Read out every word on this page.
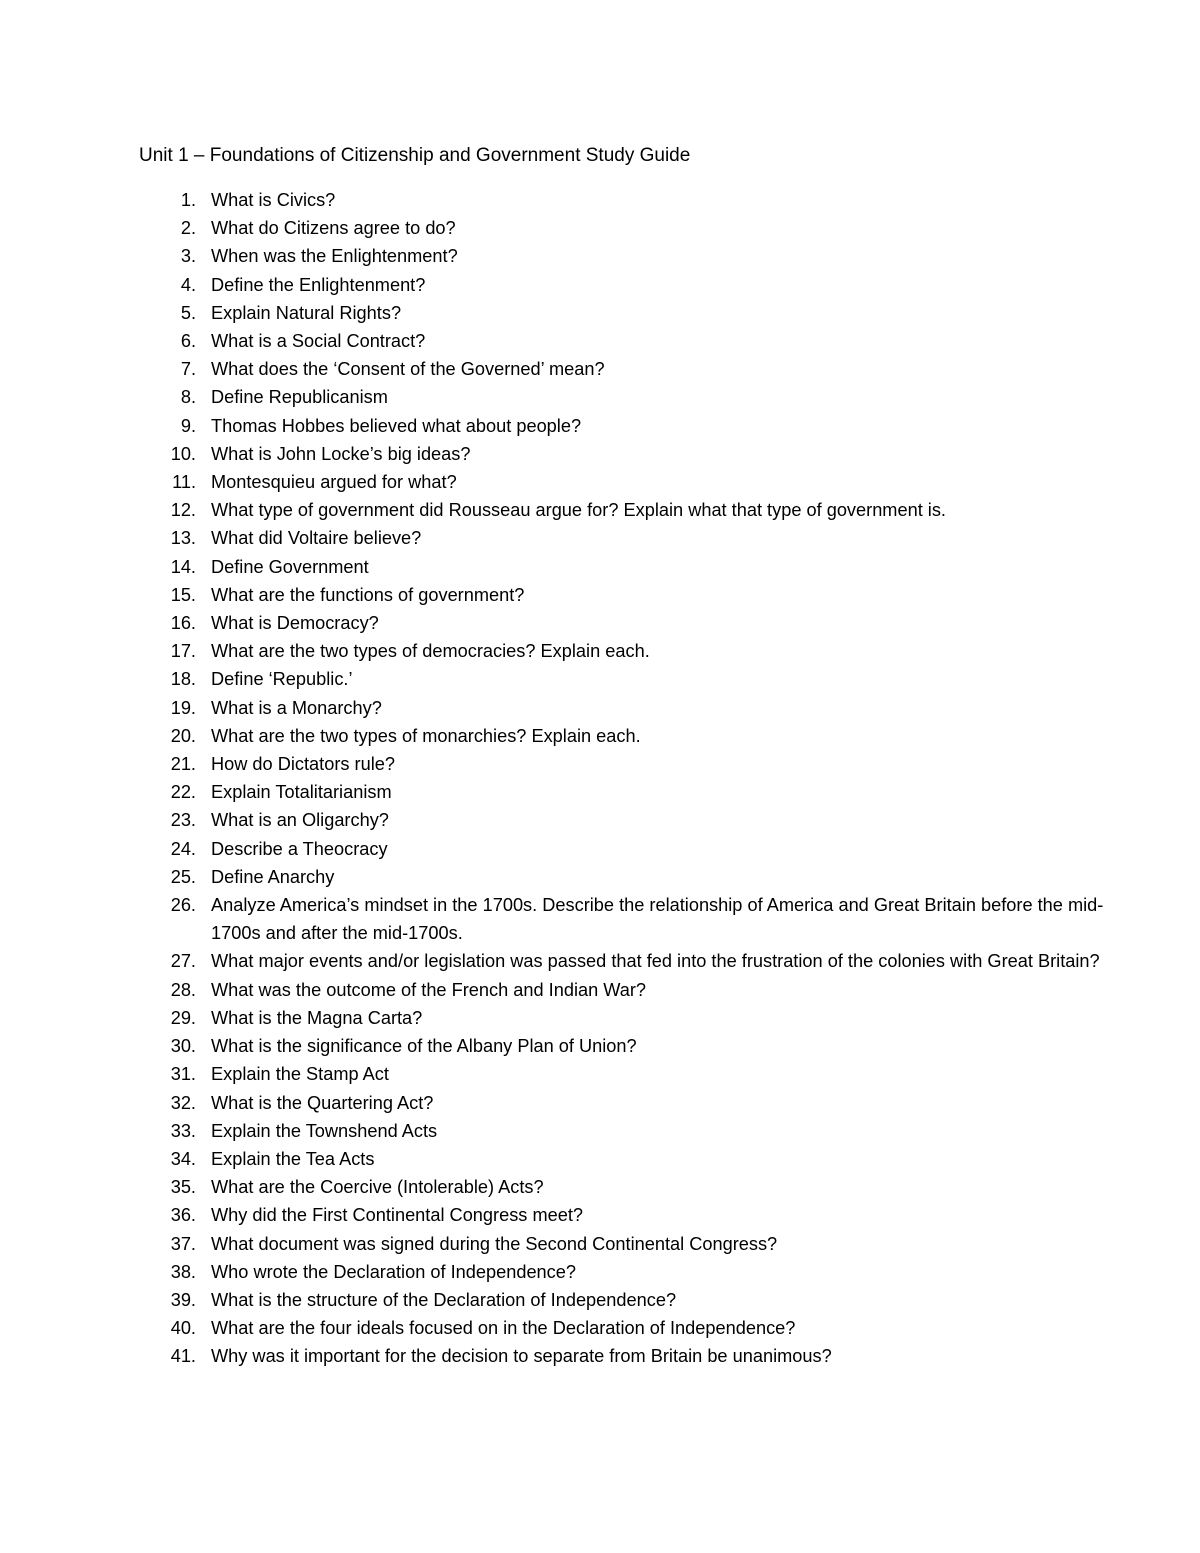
Unit 1 – Foundations of Citizenship and Government Study Guide
1. What is Civics?
2. What do Citizens agree to do?
3. When was the Enlightenment?
4. Define the Enlightenment?
5. Explain Natural Rights?
6. What is a Social Contract?
7. What does the ‘Consent of the Governed’ mean?
8. Define Republicanism
9. Thomas Hobbes believed what about people?
10. What is John Locke’s big ideas?
11. Montesquieu argued for what?
12. What type of government did Rousseau argue for? Explain what that type of government is.
13. What did Voltaire believe?
14. Define Government
15. What are the functions of government?
16. What is Democracy?
17. What are the two types of democracies? Explain each.
18. Define ‘Republic.’
19. What is a Monarchy?
20. What are the two types of monarchies? Explain each.
21. How do Dictators rule?
22. Explain Totalitarianism
23. What is an Oligarchy?
24. Describe a Theocracy
25. Define Anarchy
26. Analyze America’s mindset in the 1700s. Describe the relationship of America and Great Britain before the mid-1700s and after the mid-1700s.
27. What major events and/or legislation was passed that fed into the frustration of the colonies with Great Britain?
28. What was the outcome of the French and Indian War?
29. What is the Magna Carta?
30. What is the significance of the Albany Plan of Union?
31. Explain the Stamp Act
32. What is the Quartering Act?
33. Explain the Townshend Acts
34. Explain the Tea Acts
35. What are the Coercive (Intolerable) Acts?
36. Why did the First Continental Congress meet?
37. What document was signed during the Second Continental Congress?
38. Who wrote the Declaration of Independence?
39. What is the structure of the Declaration of Independence?
40. What are the four ideals focused on in the Declaration of Independence?
41. Why was it important for the decision to separate from Britain be unanimous?
